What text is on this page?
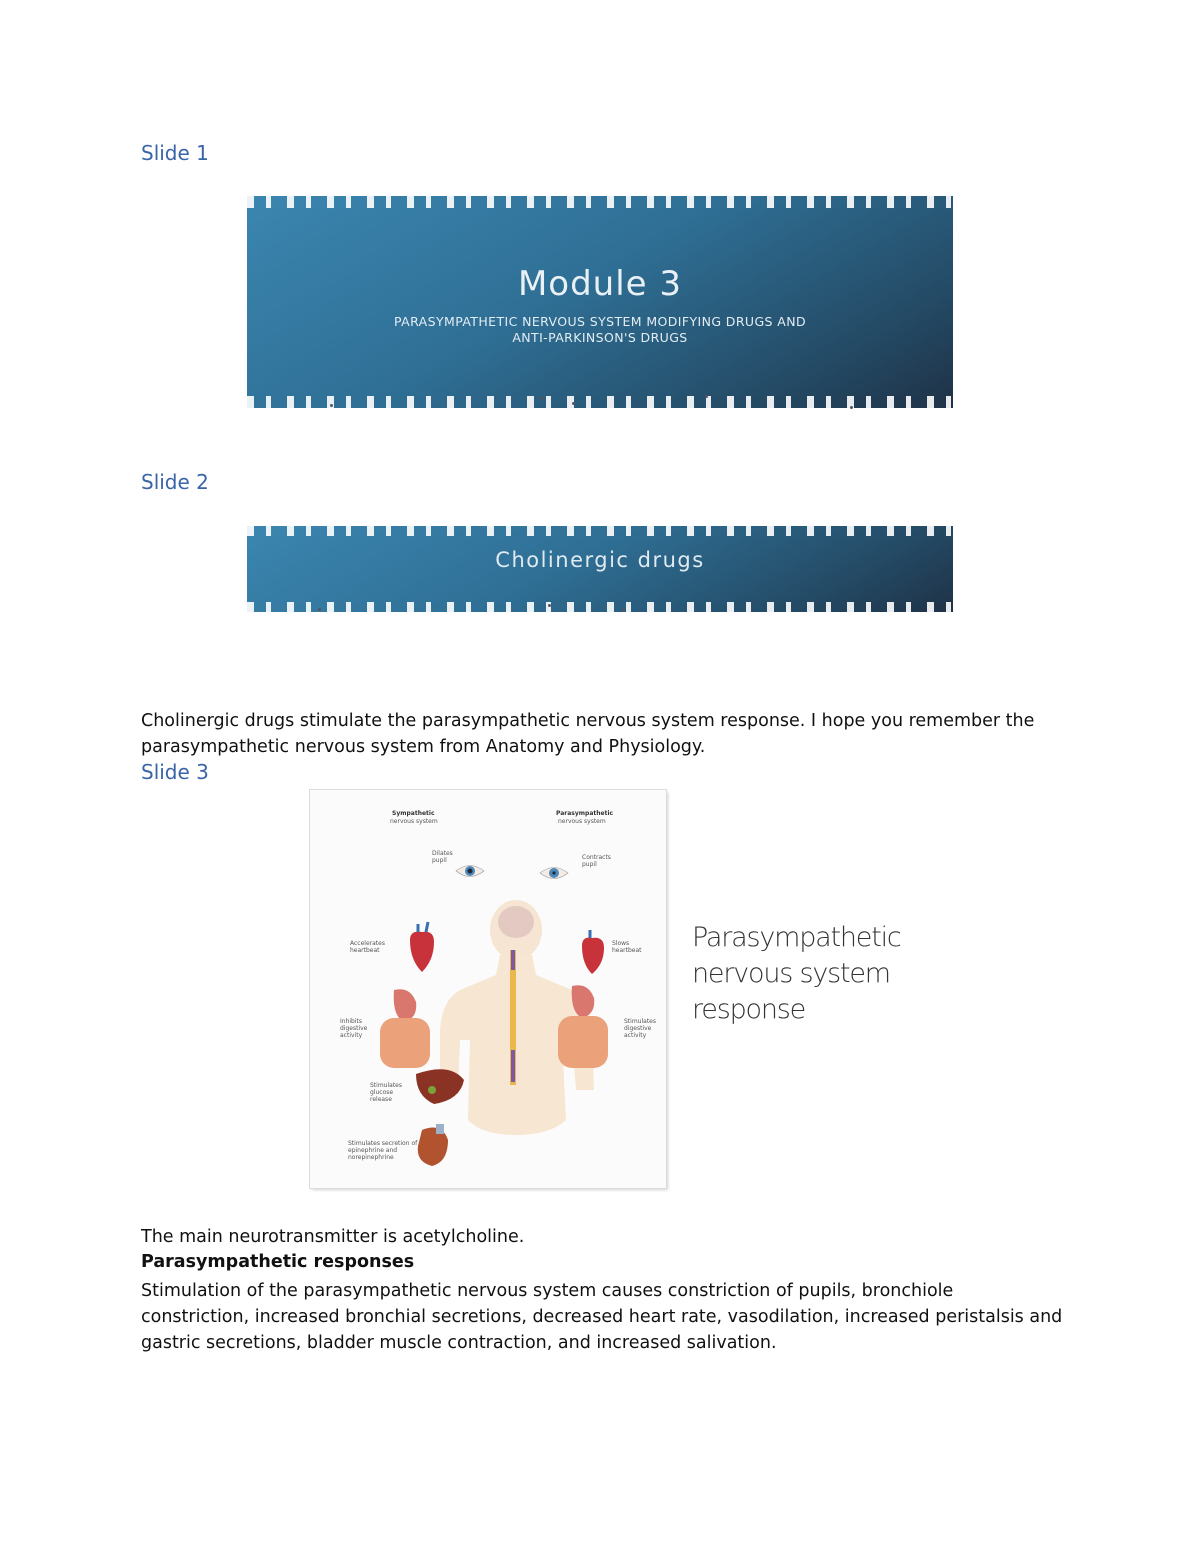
Slide 1
Module 3
PARASYMPATHETIC NERVOUS SYSTEM MODIFYING DRUGS AND
ANTI-PARKINSON'S DRUGS
Slide 2
Cholinergic drugs

Cholinergic drugs stimulate the parasympathetic nervous system response. I hope you remember the parasympathetic nervous system from Anatomy and Physiology.

Slide 3
Sympathetic
nervous system
Parasympathetic
nervous system
Dilates pupil
Accelerates heartbeat
Inhibits digestive activity
Stimulates glucose release
Stimulates secretion of epinephrine and norepinephrine
Contracts pupil
Slows heartbeat
Stimulates digestive activity
Parasympathetic nervous system response

The main neurotransmitter is acetylcholine.

Parasympathetic responses

Stimulation of the parasympathetic nervous system causes constriction of pupils, bronchiole constriction, increased bronchial secretions, decreased heart rate, vasodilation, increased peristalsis and gastric secretions, bladder muscle contraction, and increased salivation.
